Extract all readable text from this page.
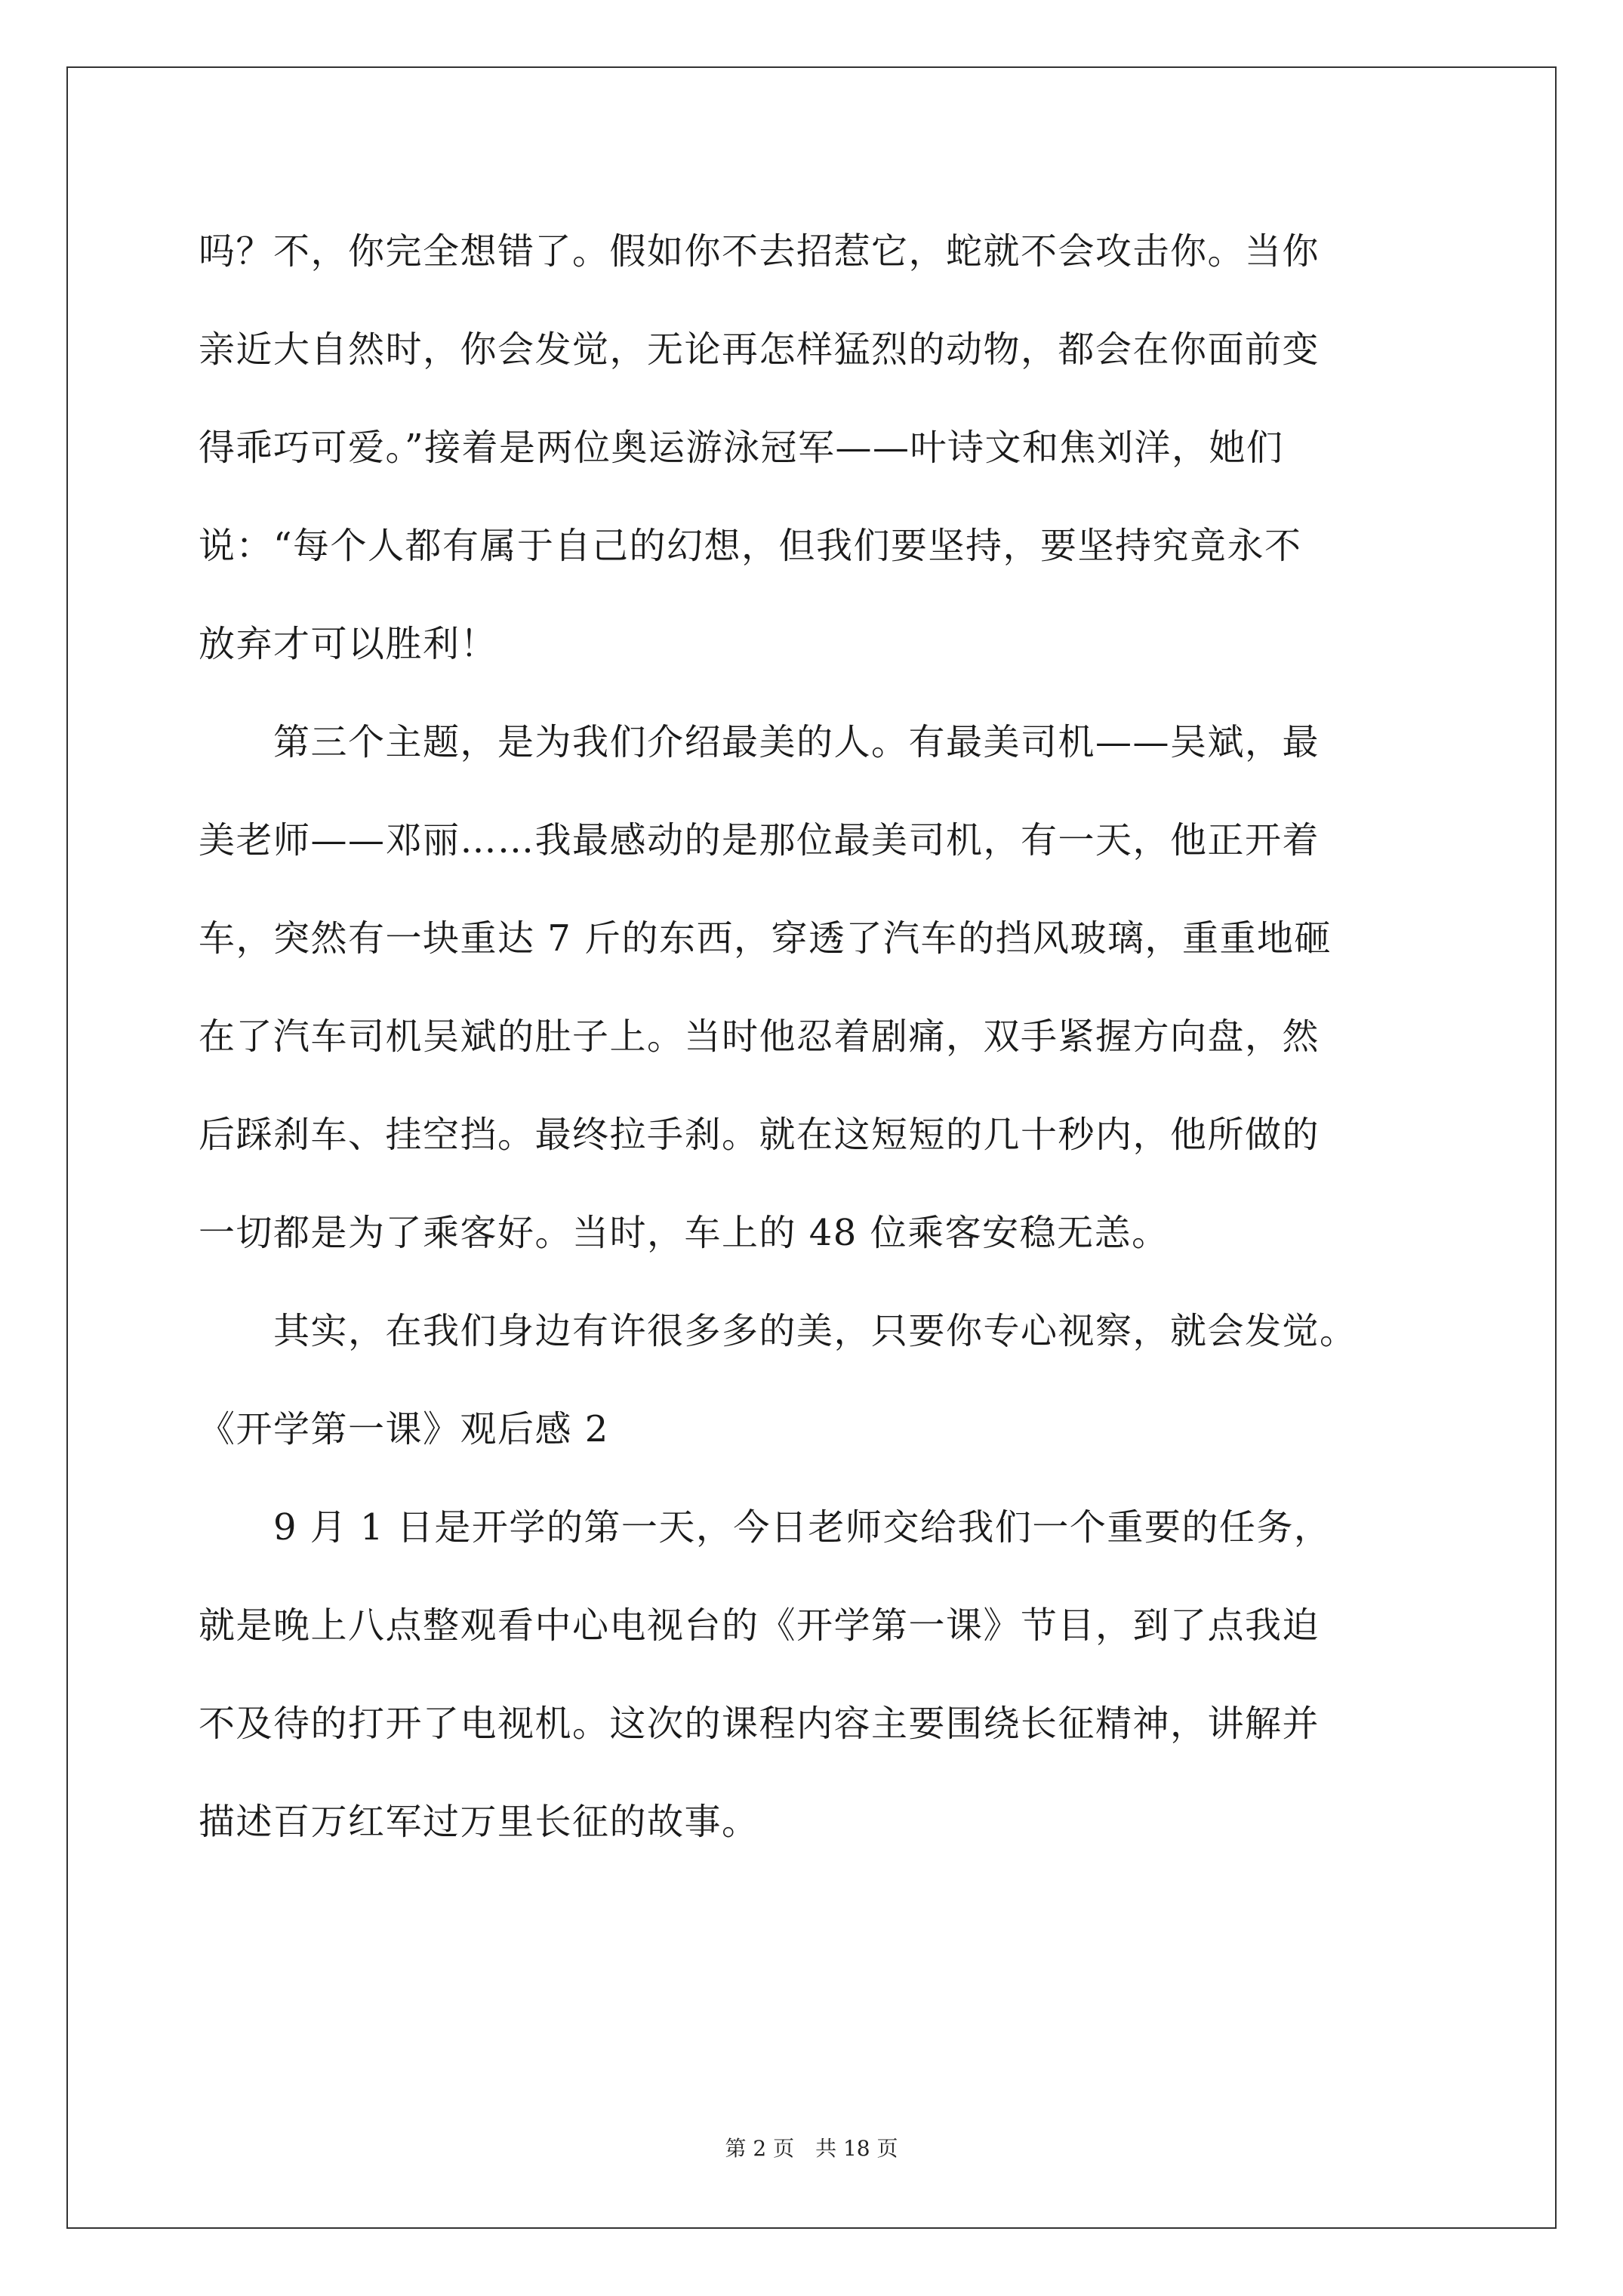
吗？不，你完全想错了。假如你不去招惹它，蛇就不会攻击你。当你
亲近大自然时，你会发觉，无论再怎样猛烈的动物，都会在你面前变
得乖巧可爱。”接着是两位奥运游泳冠军——叶诗文和焦刘洋，她们
说：“每个人都有属于自己的幻想，但我们要坚持，要坚持究竟永不
放弃才可以胜利！
　　第三个主题，是为我们介绍最美的人。有最美司机——吴斌，最
美老师——邓丽……我最感动的是那位最美司机，有一天，他正开着
车，突然有一块重达 7 斤的东西，穿透了汽车的挡风玻璃，重重地砸
在了汽车司机吴斌的肚子上。当时他忍着剧痛，双手紧握方向盘，然
后踩刹车、挂空挡。最终拉手刹。就在这短短的几十秒内，他所做的
一切都是为了乘客好。当时，车上的 48 位乘客安稳无恙。
　　其实，在我们身边有许很多多的美，只要你专心视察，就会发觉。
《开学第一课》观后感 2
　　9 月 1 日是开学的第一天，今日老师交给我们一个重要的任务，
就是晚上八点整观看中心电视台的《开学第一课》节目，到了点我迫
不及待的打开了电视机。这次的课程内容主要围绕长征精神，讲解并
描述百万红军过万里长征的故事。
第 2 页　共 18 页
